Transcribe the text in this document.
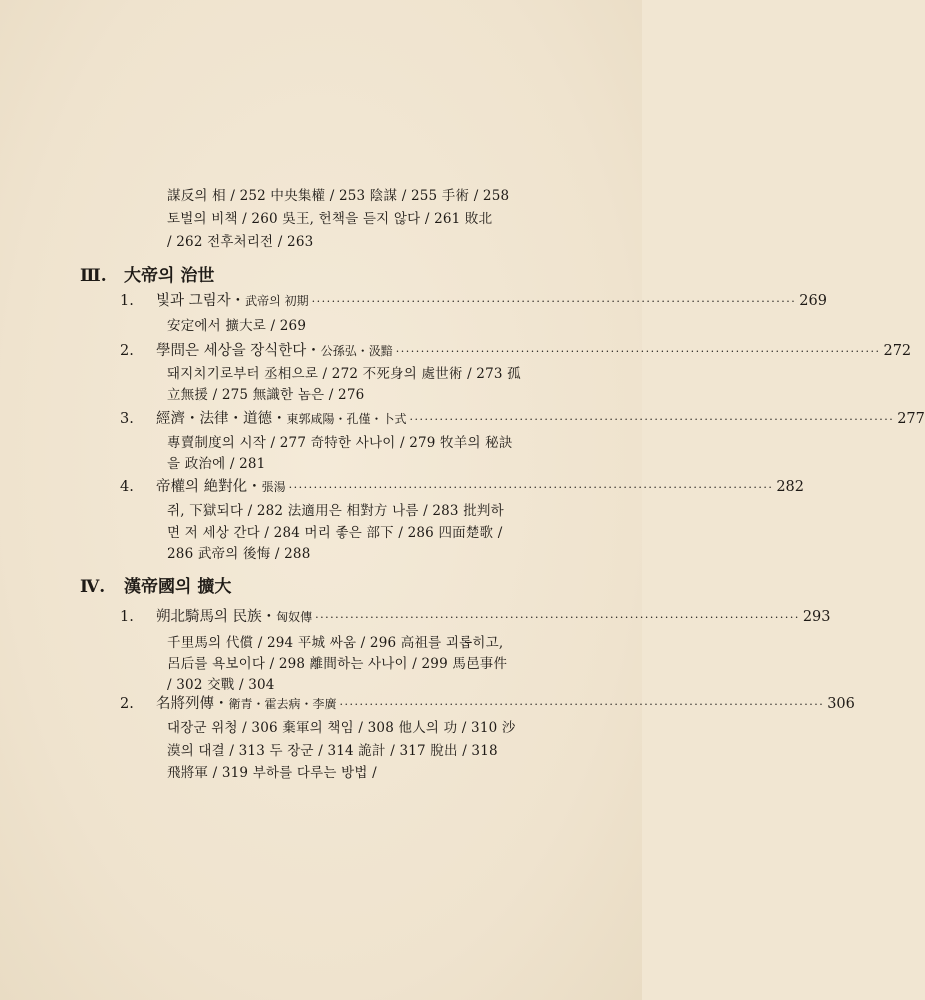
謀反의 相 / 252 中央集權 / 253 陰謀 / 255 手術 / 258
토벌의 비책 / 260 吳王, 헌책을 듣지 않다 / 261 敗北
/ 262 전후처리전 / 263
Ⅲ. 大帝의 治世
1.	빛과 그림자・武帝의 初期 ································································································· 269
安定에서 擴大로 / 269
2.	學問은 세상을 장식한다・公孫弘・汲黯 ································································································· 272
돼지치기로부터 丞相으로 / 272 不死身의 處世術 / 273 孤
立無援 / 275 無識한 놈은 / 276
3.	經濟・法律・道德・東郭咸陽・孔僅・卜式 ································································································· 277
專賣制度의 시작 / 277 奇特한 사나이 / 279 牧羊의 秘訣
을 政治에 / 281
4.	帝權의 絶對化・張湯 ································································································· 282
쥐, 下獄되다 / 282 法適用은 相對方 나름 / 283 批判하
면 저 세상 간다 / 284 머리 좋은 部下 / 286 四面楚歌 /
286 武帝의 後悔 / 288
Ⅳ. 漢帝國의 擴大
1.	朔北騎馬의 民族・匈奴傳 ································································································· 293
千里馬의 代償 / 294 平城 싸움 / 296 高祖를 괴롭히고,
呂后를 욕보이다 / 298 離間하는 사나이 / 299 馬邑事件
/ 302 交戰 / 304
2.	名將列傳・衛青・霍去病・李廣 ································································································· 306
대장군 위청 / 306 棄軍의 책임 / 308 他人의 功 / 310 沙
漠의 대결 / 313 두 장군 / 314 詭計 / 317 脫出 / 318
飛將軍 / 319 부하를 다루는 방법 /
